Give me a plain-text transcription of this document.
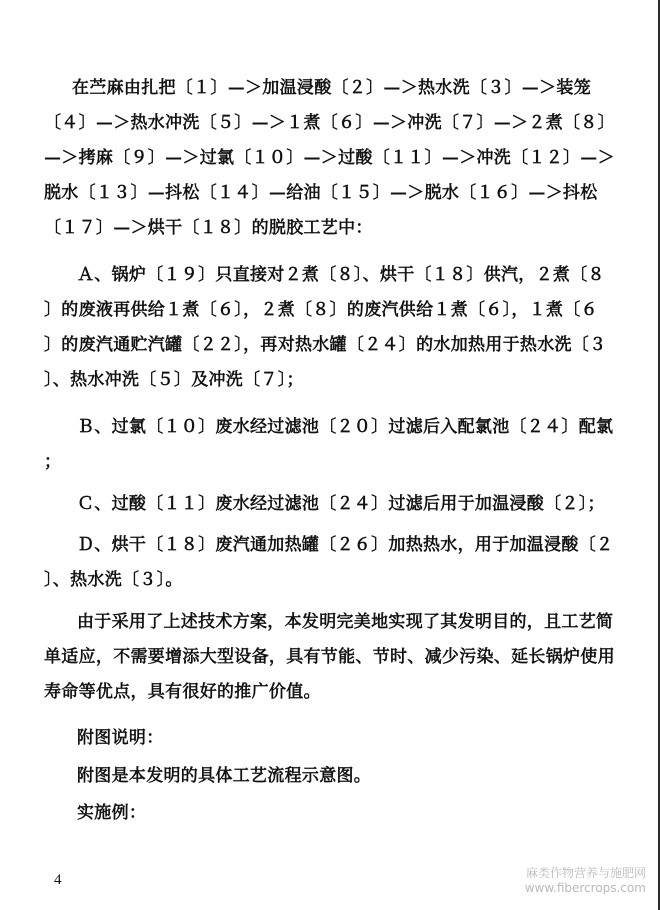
在苎麻由扎把〔１〕—＞加温浸酸〔２〕—＞热水洗〔３〕—＞装笼
〔４〕—＞热水冲洗〔５〕—＞１煮〔６〕—＞冲洗〔７〕—＞２煮〔８〕
—＞拷麻〔９〕—＞过氯〔１０〕—＞过酸〔１１〕—＞冲洗〔１２〕—＞
脱水〔１３〕—抖松〔１４〕—给油〔１５〕—＞脱水〔１６〕—＞抖松
〔１７〕—＞烘干〔１８〕的脱胶工艺中：
Ａ、锅炉〔１９〕只直接对２煮〔８〕、烘干〔１８〕供汽，２煮〔８
〕的废液再供给１煮〔６〕，２煮〔８〕的废汽供给１煮〔６〕，１煮〔６
〕的废汽通贮汽罐〔２２〕，再对热水罐〔２４〕的水加热用于热水洗〔３
〕、热水冲洗〔５〕及冲洗〔７〕；
Ｂ、过氯〔１０〕废水经过滤池〔２０〕过滤后入配氯池〔２４〕配氯
；
Ｃ、过酸〔１１〕废水经过滤池〔２４〕过滤后用于加温浸酸〔２〕；
Ｄ、烘干〔１８〕废汽通加热罐〔２６〕加热热水，用于加温浸酸〔２
〕、热水洗〔３〕。
由于采用了上述技术方案，本发明完美地实现了其发明目的，且工艺简
单适应，不需要增添大型设备，具有节能、节时、减少污染、延长锅炉使用
寿命等优点，具有很好的推广价值。
附图说明：
附图是本发明的具体工艺流程示意图。
实施例：
4	麻类作物营养与施肥网
www.fibercrops.com
